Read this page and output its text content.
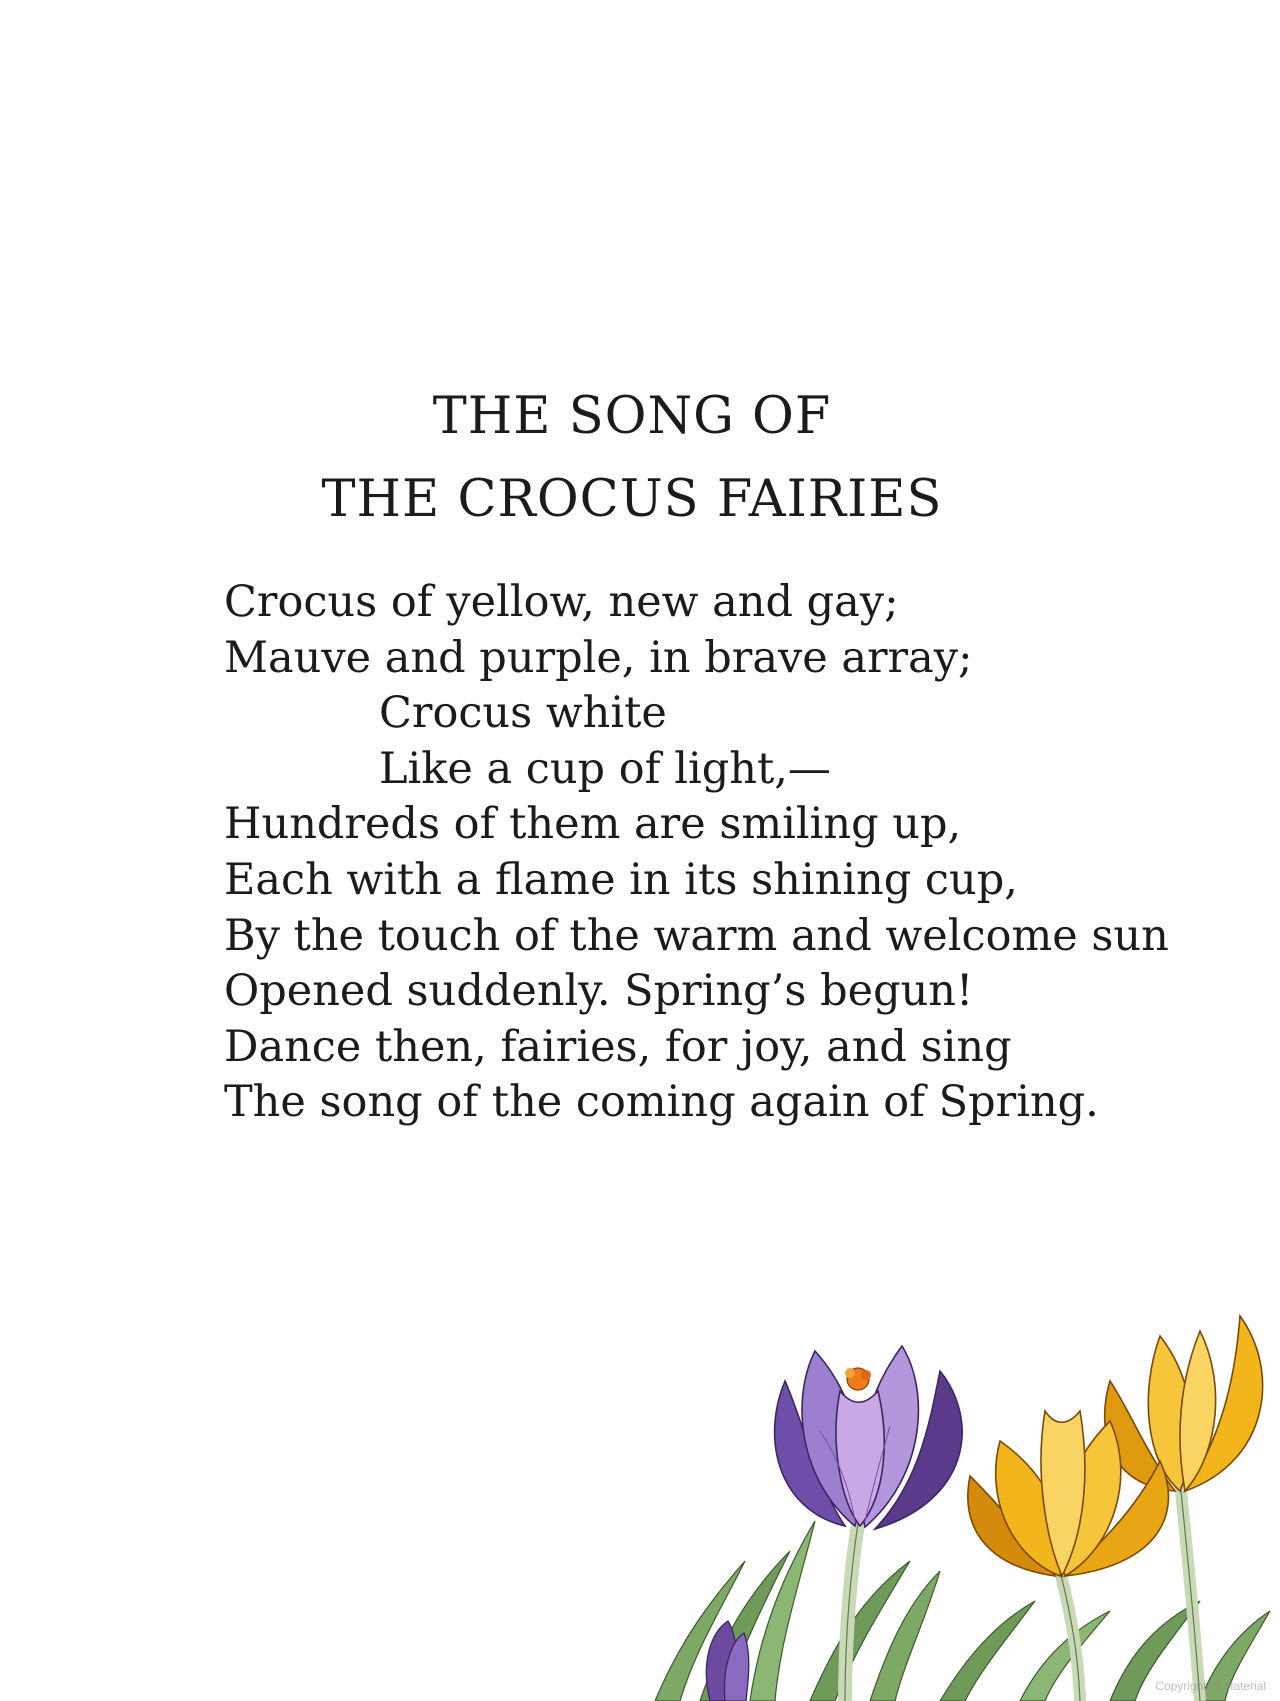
THE SONG OF
THE CROCUS FAIRIES
Crocus of yellow, new and gay;
Mauve and purple, in brave array;
Crocus white
Like a cup of light,—
Hundreds of them are smiling up,
Each with a flame in its shining cup,
By the touch of the warm and welcome sun
Opened suddenly. Spring’s begun!
Dance then, fairies, for joy, and sing
The song of the coming again of Spring.
Copyrighted Material
